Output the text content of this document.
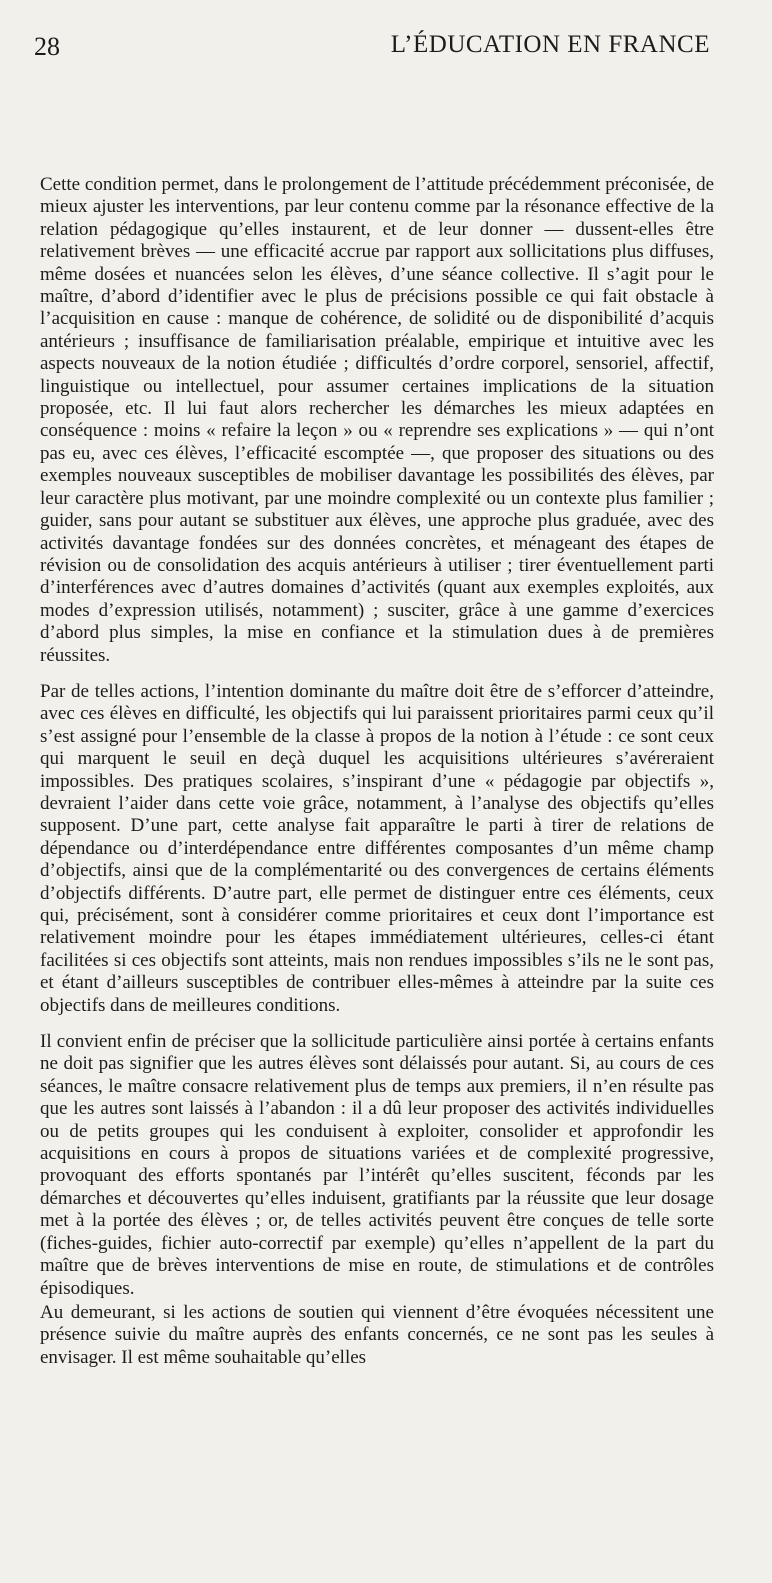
28	L’ÉDUCATION EN FRANCE

Cette condition permet, dans le prolongement de l’attitude précédemment préconisée, de mieux ajuster les interventions, par leur contenu comme par la résonance effective de la relation pédagogique qu’elles instaurent, et de leur donner — dussent-elles être relativement brèves — une efficacité accrue par rapport aux sollicitations plus diffuses, même dosées et nuancées selon les élèves, d’une séance collective. Il s’agit pour le maître, d’abord d’identifier avec le plus de précisions possible ce qui fait obstacle à l’acquisition en cause : manque de cohérence, de solidité ou de disponibilité d’acquis antérieurs ; insuffisance de familiarisation préalable, empirique et intuitive avec les aspects nouveaux de la notion étudiée ; difficultés d’ordre corporel, sensoriel, affectif, linguistique ou intellectuel, pour assumer certaines implications de la situation proposée, etc. Il lui faut alors rechercher les démarches les mieux adaptées en conséquence : moins « refaire la leçon » ou « reprendre ses explications » — qui n’ont pas eu, avec ces élèves, l’efficacité escomptée —, que proposer des situations ou des exemples nouveaux susceptibles de mobiliser davantage les possibilités des élèves, par leur caractère plus motivant, par une moindre complexité ou un contexte plus familier ; guider, sans pour autant se substituer aux élèves, une approche plus graduée, avec des activités davantage fondées sur des données concrètes, et ménageant des étapes de révision ou de consolidation des acquis antérieurs à utiliser ; tirer éventuellement parti d’interférences avec d’autres domaines d’activités (quant aux exemples exploités, aux modes d’expression utilisés, notamment) ; susciter, grâce à une gamme d’exercices d’abord plus simples, la mise en confiance et la stimulation dues à de premières réussites.

Par de telles actions, l’intention dominante du maître doit être de s’efforcer d’atteindre, avec ces élèves en difficulté, les objectifs qui lui paraissent prioritaires parmi ceux qu’il s’est assigné pour l’ensemble de la classe à propos de la notion à l’étude : ce sont ceux qui marquent le seuil en deçà duquel les acquisitions ultérieures s’avéreraient impossibles. Des pratiques scolaires, s’inspirant d’une « pédagogie par objectifs », devraient l’aider dans cette voie grâce, notamment, à l’analyse des objectifs qu’elles supposent. D’une part, cette analyse fait apparaître le parti à tirer de relations de dépendance ou d’interdépendance entre différentes composantes d’un même champ d’objectifs, ainsi que de la complémentarité ou des convergences de certains éléments d’objectifs différents. D’autre part, elle permet de distinguer entre ces éléments, ceux qui, précisément, sont à considérer comme prioritaires et ceux dont l’importance est relativement moindre pour les étapes immédiatement ultérieures, celles-ci étant facilitées si ces objectifs sont atteints, mais non rendues impossibles s’ils ne le sont pas, et étant d’ailleurs susceptibles de contribuer elles-mêmes à atteindre par la suite ces objectifs dans de meilleures conditions.

Il convient enfin de préciser que la sollicitude particulière ainsi portée à certains enfants ne doit pas signifier que les autres élèves sont délaissés pour autant. Si, au cours de ces séances, le maître consacre relativement plus de temps aux premiers, il n’en résulte pas que les autres sont laissés à l’abandon : il a dû leur proposer des activités individuelles ou de petits groupes qui les conduisent à exploiter, consolider et approfondir les acquisitions en cours à propos de situations variées et de complexité progressive, provoquant des efforts spontanés par l’intérêt qu’elles suscitent, féconds par les démarches et découvertes qu’elles induisent, gratifiants par la réussite que leur dosage met à la portée des élèves ; or, de telles activités peuvent être conçues de telle sorte (fiches-guides, fichier auto-correctif par exemple) qu’elles n’appellent de la part du maître que de brèves interventions de mise en route, de stimulations et de contrôles épisodiques.

Au demeurant, si les actions de soutien qui viennent d’être évoquées nécessitent une présence suivie du maître auprès des enfants concernés, ce ne sont pas les seules à envisager. Il est même souhaitable qu’elles
